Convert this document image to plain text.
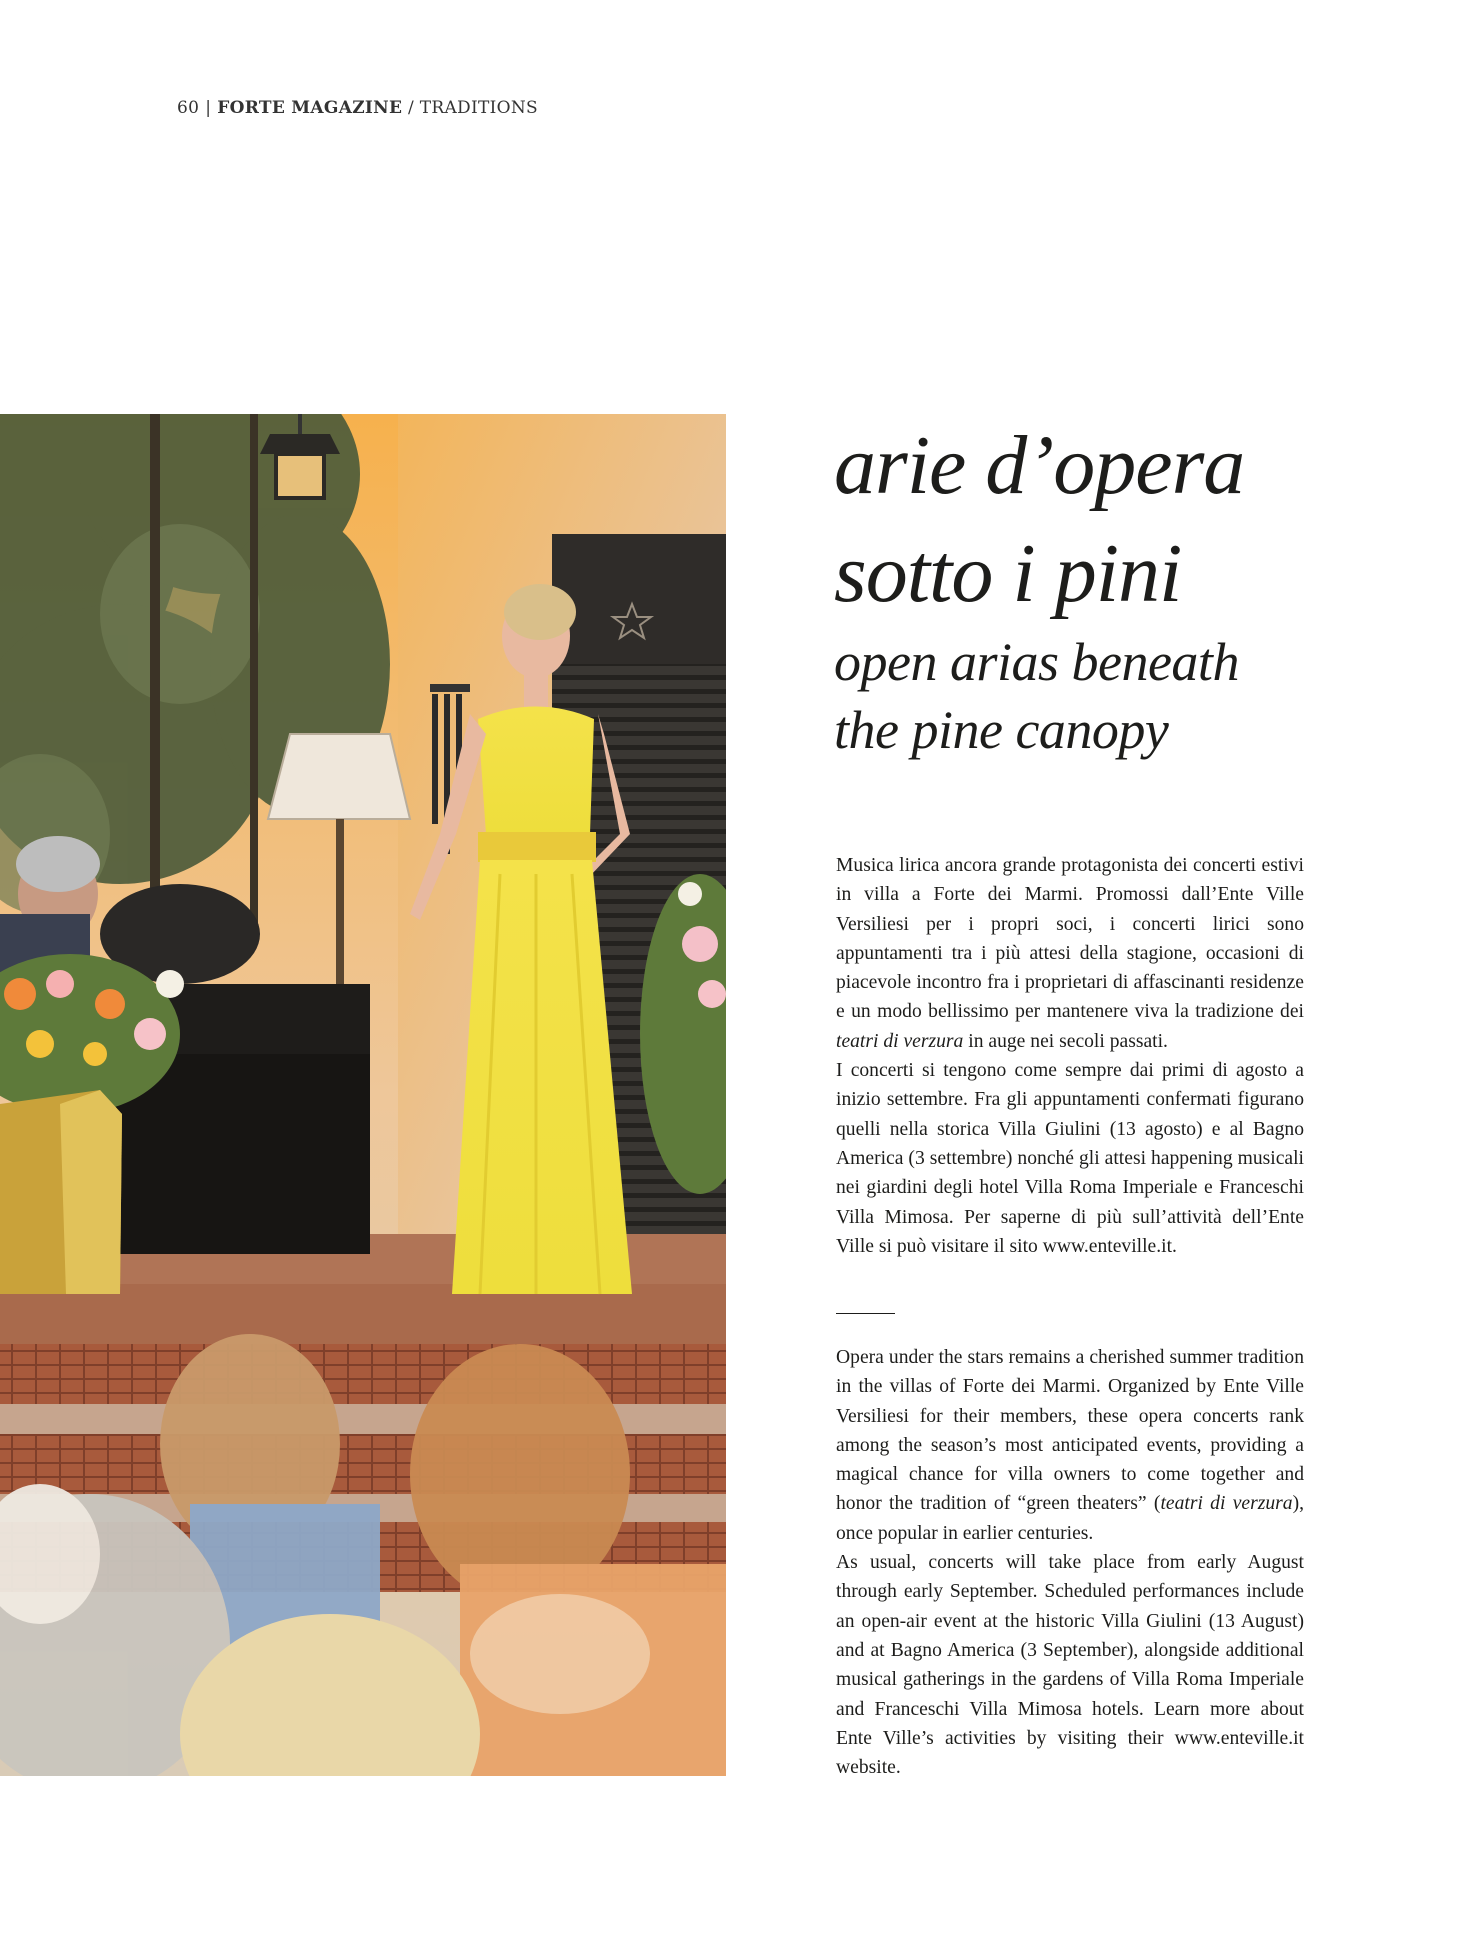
60 | FORTE MAGAZINE / TRADITIONS
arie d’opera
sotto i pini
open arias beneath
the pine canopy

Musica lirica ancora grande protagonista dei concerti estivi in villa a Forte dei Marmi. Promossi dall’Ente Ville Versiliesi per i propri soci, i concerti lirici sono appuntamenti tra i più attesi della stagione, occasioni di piacevole incontro fra i proprietari di affascinanti residenze e un modo bellissimo per mantenere viva la tradizione dei teatri di verzura in auge nei secoli passati.

I concerti si tengono come sempre dai primi di agosto a inizio settembre. Fra gli appuntamenti confermati figurano quelli nella storica Villa Giulini (13 agosto) e al Bagno America (3 settembre) nonché gli attesi happening musicali nei giardini degli hotel Villa Roma Imperiale e Franceschi Villa Mimosa. Per saperne di più sull’attività dell’Ente Ville si può visitare il sito www.enteville.it.

Opera under the stars remains a cherished summer tradition in the villas of Forte dei Marmi. Organized by Ente Ville Versiliesi for their members, these opera concerts rank among the season’s most anticipated events, providing a magical chance for villa owners to come together and honor the tradition of “green theaters” (teatri di verzura), once popular in earlier centuries.

As usual, concerts will take place from early August through early September. Scheduled performances include an open-air event at the historic Villa Giulini (13 August) and at Bagno America (3 September), alongside additional musical gatherings in the gardens of Villa Roma Imperiale and Franceschi Villa Mimosa hotels. Learn more about Ente Ville’s activities by visiting their www.enteville.it website.
